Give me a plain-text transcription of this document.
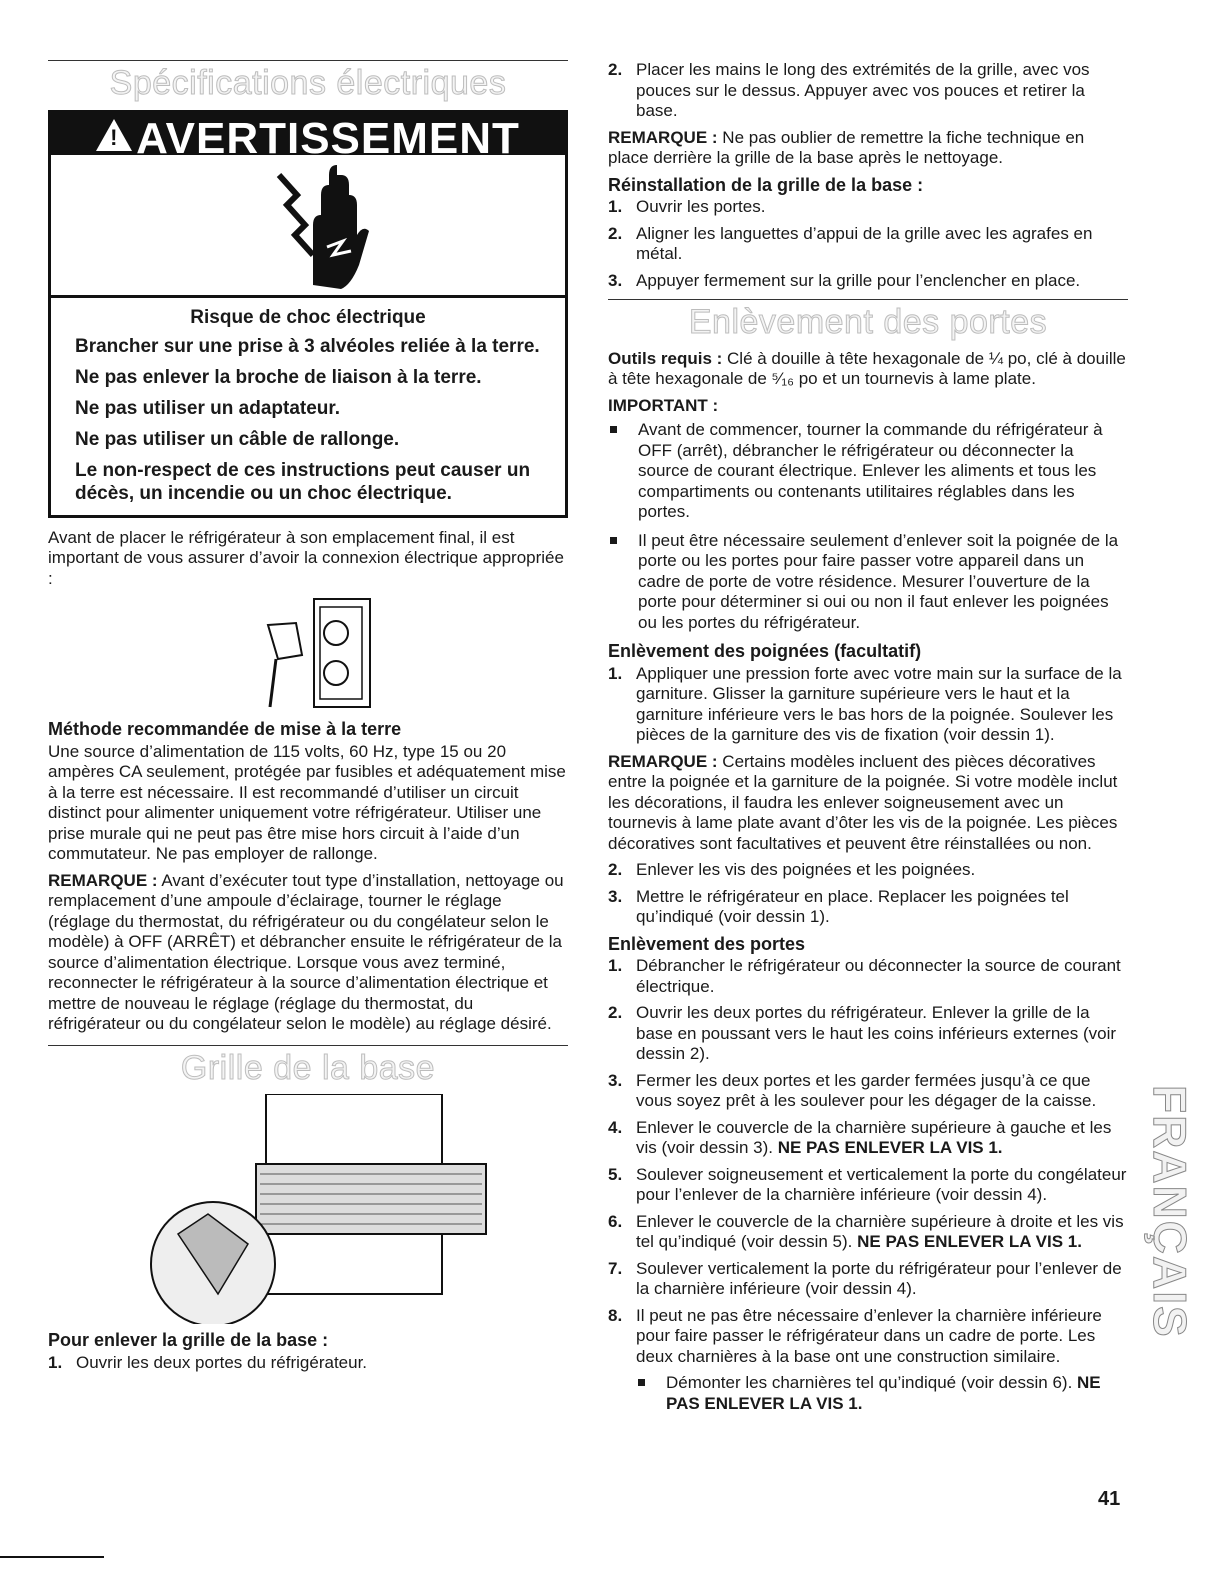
Spécifications électriques
! AVERTISSEMENT
Risque de choc électrique

Brancher sur une prise à 3 alvéoles reliée à la terre.

Ne pas enlever la broche de liaison à la terre.

Ne pas utiliser un adaptateur.

Ne pas utiliser un câble de rallonge.

Le non-respect de ces instructions peut causer un décès, un incendie ou un choc électrique.

Avant de placer le réfrigérateur à son emplacement final, il est important de vous assurer d’avoir la connexion électrique appropriée :

Méthode recommandée de mise à la terre

Une source d’alimentation de 115 volts, 60 Hz, type 15 ou 20 ampères CA seulement, protégée par fusibles et adéquatement mise à la terre est nécessaire. Il est recommandé d’utiliser un circuit distinct pour alimenter uniquement votre réfrigérateur. Utiliser une prise murale qui ne peut pas être mise hors circuit à l’aide d’un commutateur. Ne pas employer de rallonge.

REMARQUE : Avant d’exécuter tout type d’installation, nettoyage ou remplacement d’une ampoule d’éclairage, tourner le réglage (réglage du thermostat, du réfrigérateur ou du congélateur selon le modèle) à OFF (ARRÊT) et débrancher ensuite le réfrigérateur de la source d’alimentation électrique. Lorsque vous avez terminé, reconnecter le réfrigérateur à la source d’alimentation électrique et mettre de nouveau le réglage (réglage du thermostat, du réfrigérateur ou du congélateur selon le modèle) au réglage désiré.

Grille de la base
Pour enlever la grille de la base :
1. Ouvrir les deux portes du réfrigérateur.
2. Placer les mains le long des extrémités de la grille, avec vos pouces sur le dessus. Appuyer avec vos pouces et retirer la base.

REMARQUE : Ne pas oublier de remettre la fiche technique en place derrière la grille de la base après le nettoyage.

Réinstallation de la grille de la base :
1. Ouvrir les portes.
2. Aligner les languettes d’appui de la grille avec les agrafes en métal.
3. Appuyer fermement sur la grille pour l’enclencher en place.
Enlèvement des portes

Outils requis : Clé à douille à tête hexagonale de ¼ po, clé à douille à tête hexagonale de ⁵⁄₁₆ po et un tournevis à lame plate.

IMPORTANT :
Avant de commencer, tourner la commande du réfrigérateur à OFF (arrêt), débrancher le réfrigérateur ou déconnecter la source de courant électrique. Enlever les aliments et tous les compartiments ou contenants utilitaires réglables dans les portes.
Il peut être nécessaire seulement d’enlever soit la poignée de la porte ou les portes pour faire passer votre appareil dans un cadre de porte de votre résidence. Mesurer l’ouverture de la porte pour déterminer si oui ou non il faut enlever les poignées ou les portes du réfrigérateur.
Enlèvement des poignées (facultatif)
1. Appliquer une pression forte avec votre main sur la surface de la garniture. Glisser la garniture supérieure vers le haut et la garniture inférieure vers le bas hors de la poignée. Soulever les pièces de la garniture des vis de fixation (voir dessin 1).

REMARQUE : Certains modèles incluent des pièces décoratives entre la poignée et la garniture de la poignée. Si votre modèle inclut les décorations, il faudra les enlever soigneusement avec un tournevis à lame plate avant d’ôter les vis de la poignée. Les pièces décoratives sont facultatives et peuvent être réinstallées ou non.

2. Enlever les vis des poignées et les poignées.
3. Mettre le réfrigérateur en place. Replacer les poignées tel qu’indiqué (voir dessin 1).
Enlèvement des portes
1. Débrancher le réfrigérateur ou déconnecter la source de courant électrique.
2. Ouvrir les deux portes du réfrigérateur. Enlever la grille de la base en poussant vers le haut les coins inférieurs externes (voir dessin 2).
3. Fermer les deux portes et les garder fermées jusqu’à ce que vous soyez prêt à les soulever pour les dégager de la caisse.
4. Enlever le couvercle de la charnière supérieure à gauche et les vis (voir dessin 3). NE PAS ENLEVER LA VIS 1.
5. Soulever soigneusement et verticalement la porte du congélateur pour l’enlever de la charnière inférieure (voir dessin 4).
6. Enlever le couvercle de la charnière supérieure à droite et les vis tel qu’indiqué (voir dessin 5). NE PAS ENLEVER LA VIS 1.
7. Soulever verticalement la porte du réfrigérateur pour l’enlever de la charnière inférieure (voir dessin 4).
8. Il peut ne pas être nécessaire d’enlever la charnière inférieure pour faire passer le réfrigérateur dans un cadre de porte. Les deux charnières à la base ont une construction similaire.
Démonter les charnières tel qu’indiqué (voir dessin 6). NE PAS ENLEVER LA VIS 1.
FRANÇAIS
41
